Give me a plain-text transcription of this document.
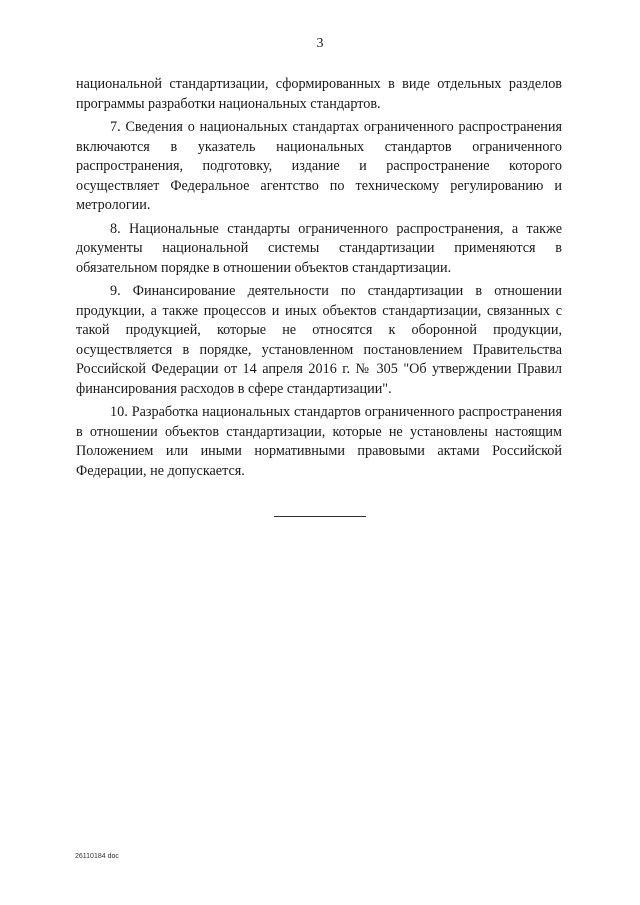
3

национальной стандартизации, сформированных в виде отдельных разделов программы разработки национальных стандартов.

7. Сведения о национальных стандартах ограниченного распространения включаются в указатель национальных стандартов ограниченного распространения, подготовку, издание и распространение которого осуществляет Федеральное агентство по техническому регулированию и метрологии.

8. Национальные стандарты ограниченного распространения, а также документы национальной системы стандартизации применяются в обязательном порядке в отношении объектов стандартизации.

9. Финансирование деятельности по стандартизации в отношении продукции, а также процессов и иных объектов стандартизации, связанных с такой продукцией, которые не относятся к оборонной продукции, осуществляется в порядке, установленном постановлением Правительства Российской Федерации от 14 апреля 2016 г. № 305 "Об утверждении Правил финансирования расходов в сфере стандартизации".

10. Разработка национальных стандартов ограниченного распространения в отношении объектов стандартизации, которые не установлены настоящим Положением или иными нормативными правовыми актами Российской Федерации, не допускается.

26110184 doc
